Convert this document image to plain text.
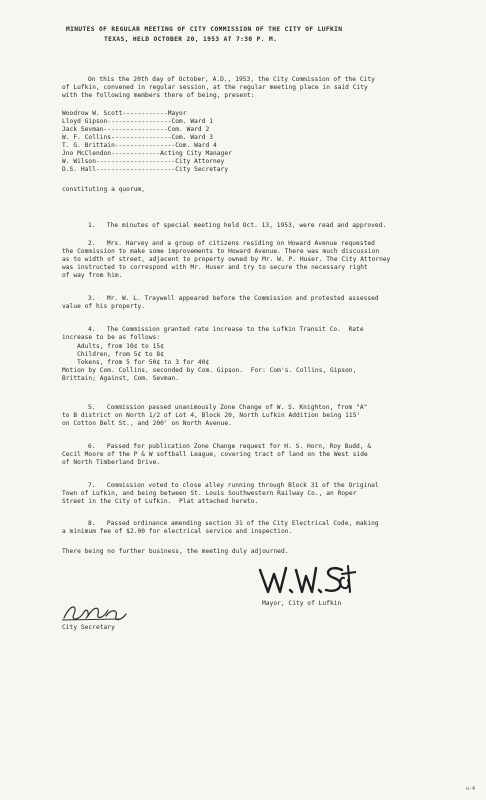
MINUTES OF REGULAR MEETING OF CITY COMMISSION OF THE CITY OF LUFKIN
TEXAS, HELD OCTOBER 20, 1953 AT 7:30 P. M.
On this the 20th day of October, A.D., 1953, the City Commission of the City
of Lufkin, convened in regular session, at the regular meeting place in said City
with the following members there of being, present:
Woodrow W. Scott------------Mayor
Lloyd Gipson-----------------Com. Ward 1
Jack Sevman-----------------Com. Ward 2
W. F. Collins----------------Com. Ward 3
T. G. Brittain----------------Com. Ward 4
Jno McClendon-------------Acting City Manager
W. Wilson---------------------City Attorney
D.S. Hall---------------------City Secretary
constituting a quorum,
1.   The minutes of special meeting held Oct. 13, 1953, were read and approved.
2.   Mrs. Harvey and a group of citizens residing on Howard Avenue requested
the Commission to make some improvements to Howard Avenue. There was much discussion
as to width of street, adjacent to property owned by Mr. W. P. Huser. The City Attorney
was instructed to correspond with Mr. Huser and try to secure the necessary right
of way from him.
3.   Mr. W. L. Traywell appeared before the Commission and protested assessed
value of his property.
4.   The Commission granted rate increase to the Lufkin Transit Co.  Rate
increase to be as follows:
Adults, from 10¢ to 15¢
Children, from 5¢ to 8¢
Tokens, from 5 for 50¢ to 3 for 40¢
Motion by Com. Collins, seconded by Com. Gipson.  For: Com's. Collins, Gipson,
Brittain; Against, Com. Sevman.
5.   Commission passed unanimously Zone Change of W. S. Knighton, from "A"
to B district on North 1/2 of Lot 4, Block 20, North Lufkin Addition being 115'
on Cotton Belt St., and 200' on North Avenue.
6.   Passed for publication Zone Change request for H. S. Horn, Roy Budd, &
Cecil Moore of the P & W softball League, covering tract of land on the West side
of North Timberland Drive.
7.   Commission voted to close alley running through Block 31 of the Original
Town of Lufkin, and being between St. Louis Southwestern Railway Co., an Roper
Street in the City of Lufkin.  Plat attached hereto.
8.   Passed ordinance amending section 31 of the City Electrical Code, making
a minimum fee of $2.00 for electrical service and inspection.
There being no further business, the meeting duly adjourned.
Mayor, City of Lufkin
City Secretary
o-4
